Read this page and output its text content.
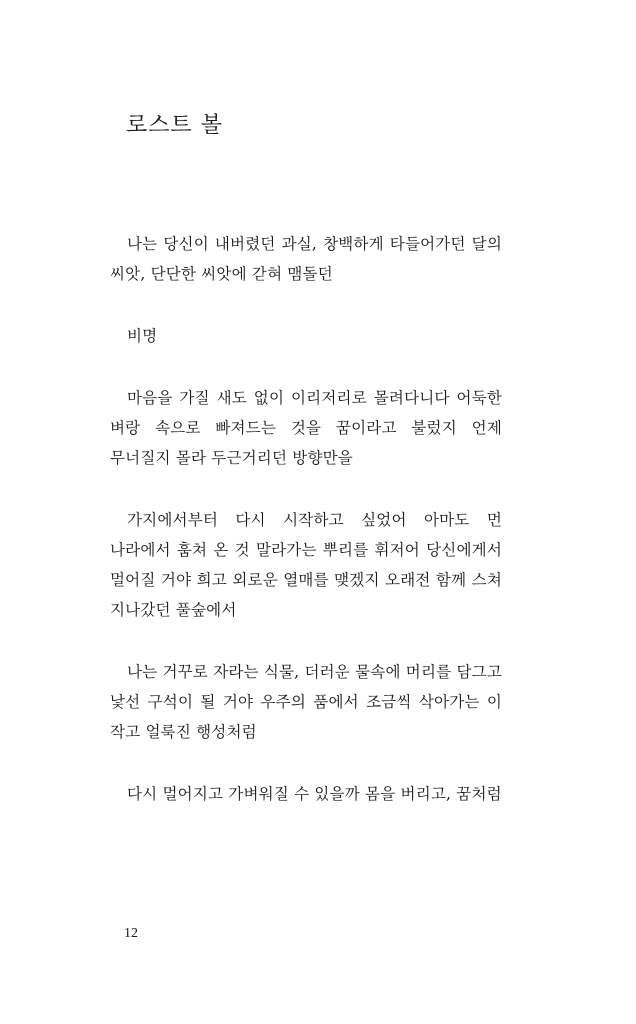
로스트 볼

나는 당신이 내버렸던 과실, 창백하게 타들어가던 달의 씨앗, 단단한 씨앗에 갇혀 맴돌던

비명

마음을 가질 새도 없이 이리저리로 몰려다니다 어둑한 벼랑 속으로 빠져드는 것을 꿈이라고 불렀지 언제 무너질지 몰라 두근거리던 방향만을

가지에서부터 다시 시작하고 싶었어 아마도 먼 나라에서 훔쳐 온 것 말라가는 뿌리를 휘저어 당신에게서 멀어질 거야 희고 외로운 열매를 맺겠지 오래전 함께 스쳐 지나갔던 풀숲에서

나는 거꾸로 자라는 식물, 더러운 물속에 머리를 담그고 낯선 구석이 될 거야 우주의 품에서 조금씩 삭아가는 이 작고 얼룩진 행성처럼

다시 멀어지고 가벼워질 수 있을까 몸을 버리고, 꿈처럼

12
